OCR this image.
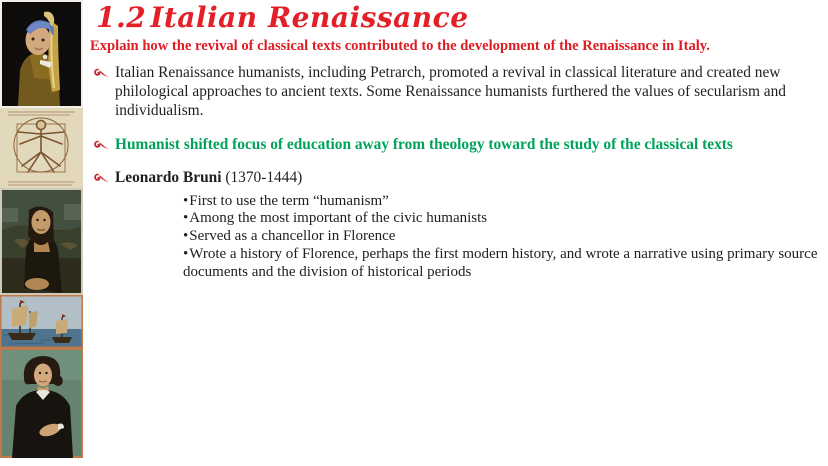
1.2 Italian Renaissance
Explain how the revival of classical texts contributed to the development of the Renaissance in Italy.
Italian Renaissance humanists, including Petrarch, promoted a revival in classical literature and created new philological approaches to ancient texts. Some Renaissance humanists furthered the values of secularism and individualism.
Humanist shifted focus of education away from theology toward the study of the classical texts
Leonardo Bruni (1370-1444)
• First to use the term “humanism”
• Among the most important of the civic humanists
• Served as a chancellor in Florence
• Wrote a history of Florence, perhaps the first modern history, and wrote a narrative using primary source documents and the division of historical periods
